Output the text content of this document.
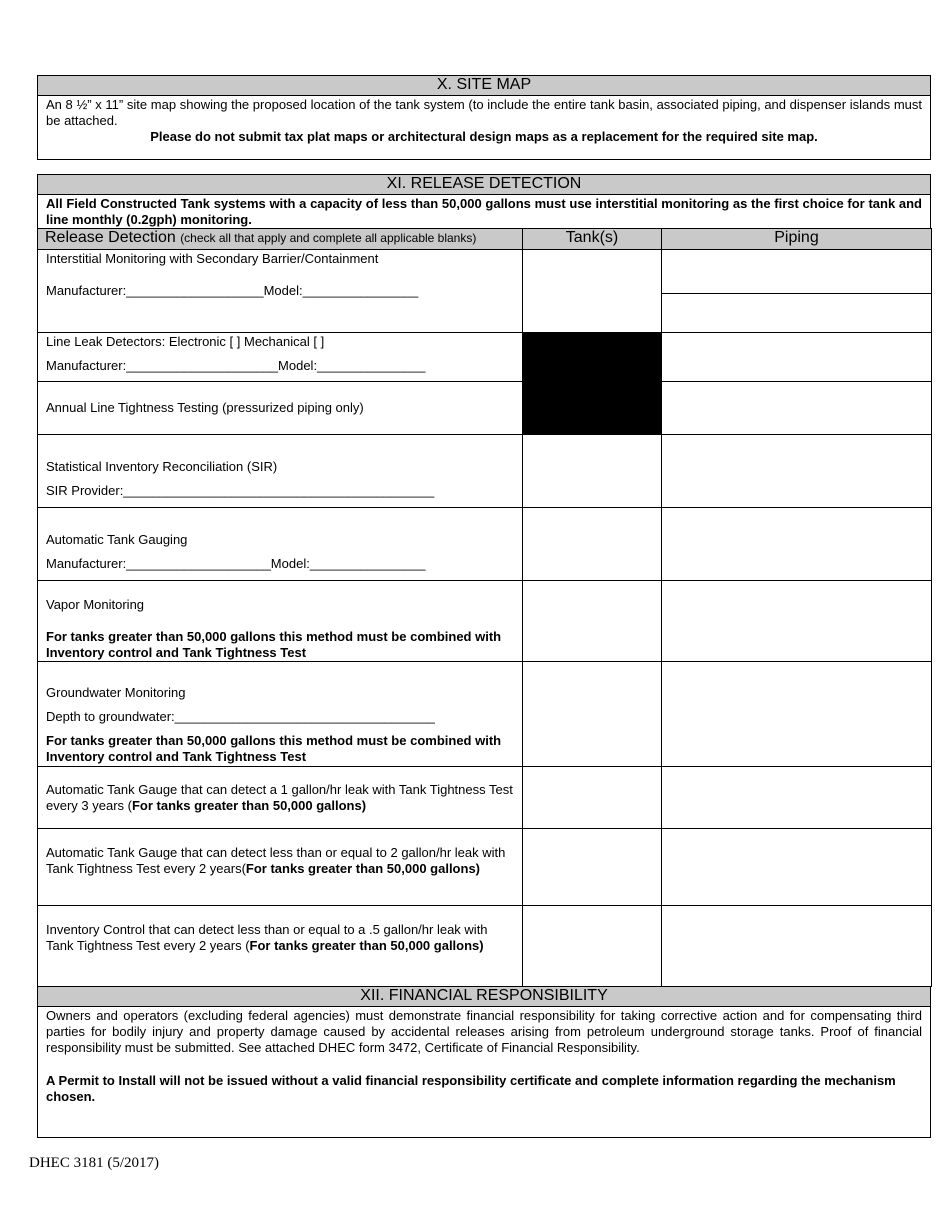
X. SITE MAP
An 8 ½” x 11” site map showing the proposed location of the tank system (to include the entire tank basin, associated piping, and dispenser islands must be attached.
Please do not submit tax plat maps or architectural design maps as a replacement for the required site map.
XI. RELEASE DETECTION
All Field Constructed Tank systems with a capacity of less than 50,000 gallons must use interstitial monitoring as the first choice for tank and line monthly (0.2gph) monitoring.
Release Detection (check all that apply and complete all applicable blanks)	Tank(s)	Piping

Interstitial Monitoring with Secondary Barrier/Containment
Manufacturer:___________________Model:________________		

Line Leak Detectors: Electronic [ ] Mechanical [ ]
Manufacturer:_____________________Model:_______________		

Annual Line Tightness Testing (pressurized piping only)		

Statistical Inventory Reconciliation (SIR)
SIR Provider:___________________________________________		

Automatic Tank Gauging
Manufacturer:____________________Model:________________		

Vapor Monitoring
For tanks greater than 50,000 gallons this method must be combined with Inventory control and Tank Tightness Test		

Groundwater Monitoring
Depth to groundwater:____________________________________
For tanks greater than 50,000 gallons this method must be combined with Inventory control and Tank Tightness Test		

Automatic Tank Gauge that can detect a 1 gallon/hr leak with Tank Tightness Test every 3 years (For tanks greater than 50,000 gallons)		

Automatic Tank Gauge that can detect less than or equal to 2 gallon/hr leak with Tank Tightness Test every 2 years(For tanks greater than 50,000 gallons)		

Inventory Control that can detect less than or equal to a .5 gallon/hr leak with Tank Tightness Test every 2 years (For tanks greater than 50,000 gallons)		

XII. FINANCIAL RESPONSIBILITY
Owners and operators (excluding federal agencies) must demonstrate financial responsibility for taking corrective action and for compensating third parties for bodily injury and property damage caused by accidental releases arising from petroleum underground storage tanks. Proof of financial responsibility must be submitted. See attached DHEC form 3472, Certificate of Financial Responsibility.
A Permit to Install will not be issued without a valid financial responsibility certificate and complete information regarding the mechanism chosen.
DHEC 3181 (5/2017)
